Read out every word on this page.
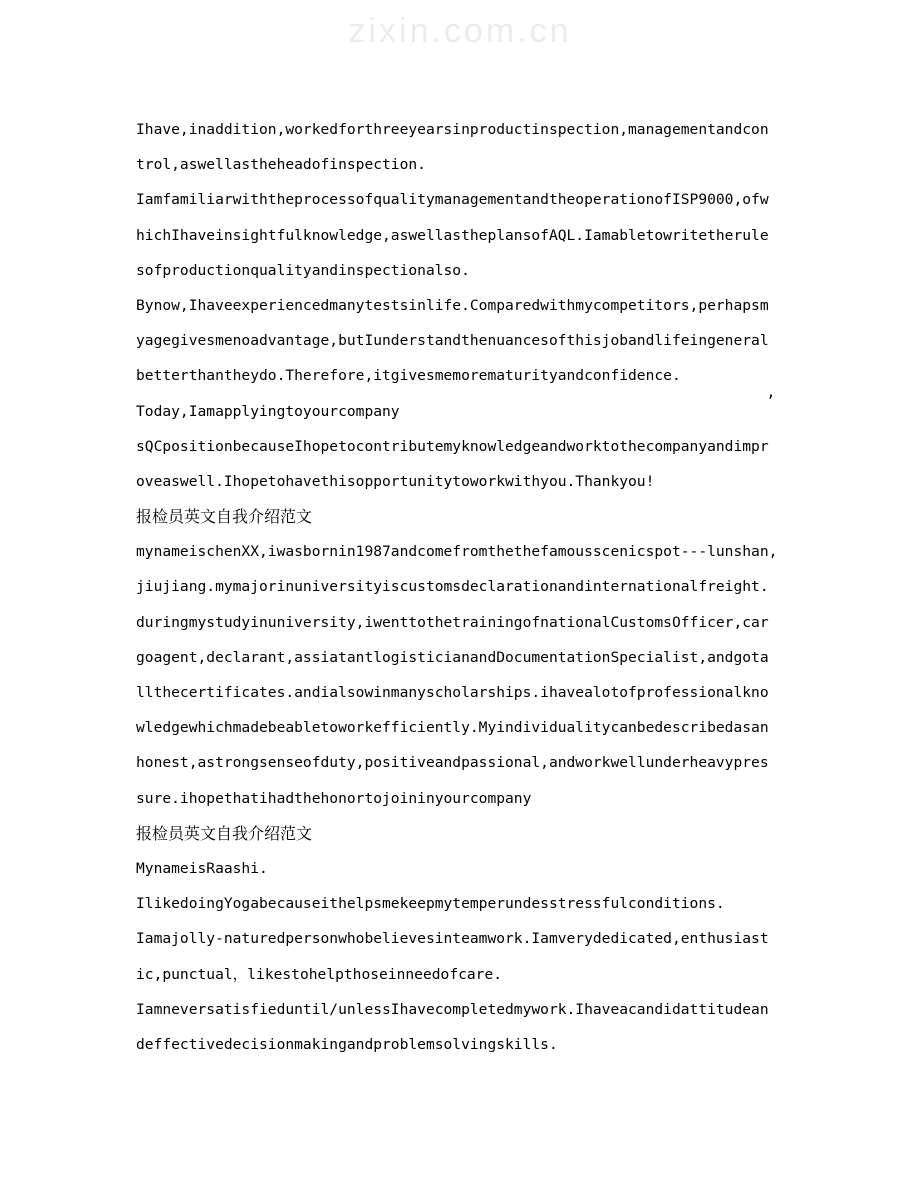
zixin.com.cn
Ihave,inaddition,workedforthreeyearsinproductinspection,managementandcon
trol,aswellastheheadofinspection.
IamfamiliarwiththeprocessofqualitymanagementandtheoperationofISP9000,ofw
hichIhaveinsightfulknowledge,aswellastheplansofAQL.Iamabletowritetherule
sofproductionqualityandinspectionalso.
Bynow,Ihaveexperiencedmanytestsinlife.Comparedwithmycompetitors,perhapsm
yagegivesmenoadvantage,butIunderstandthenuancesofthisjobandlifeingeneral
betterthantheydo.Therefore,itgivesmemorematurityandconfidence.
Today,Iamapplyingtoyourcompany
sQCpositionbecauseIhopetocontributemyknowledgeandworktothecompanyandimpr
oveaswell.Ihopetohavethisopportunitytoworkwithyou.Thankyou!
报检员英文自我介绍范文
mynameischenXX,iwasbornin1987andcomefromthethefamousscenicspot---lunshan,
jiujiang.mymajorinuniversityiscustomsdeclarationandinternationalfreight.
duringmystudyinuniversity,iwenttothetrainingofnationalCustomsOfficer,car
goagent,declarant,assiatantlogisticianandDocumentationSpecialist,andgota
llthecertificates.andialsowinmanyscholarships.ihavealotofprofessionalkno
wledgewhichmadebeabletoworkefficiently.Myindividualitycanbedescribedasan
honest,astrongsenseofduty,positiveandpassional,andworkwellunderheavypres
sure.ihopethatihadthehonortojoininyourcompany
报检员英文自我介绍范文
MynameisRaashi.
IlikedoingYogabecauseithelpsmekeepmytemperundesstressfulconditions.
Iamajolly-naturedpersonwhobelievesinteamwork.Iamverydedicated,enthusiast
ic,punctual，likestohelpthoseinneedofcare.
Iamneversatisfieduntil/unlessIhavecompletedmywork.Ihaveacandidattitudean
deffectivedecisionmakingandproblemsolvingskills.
’
